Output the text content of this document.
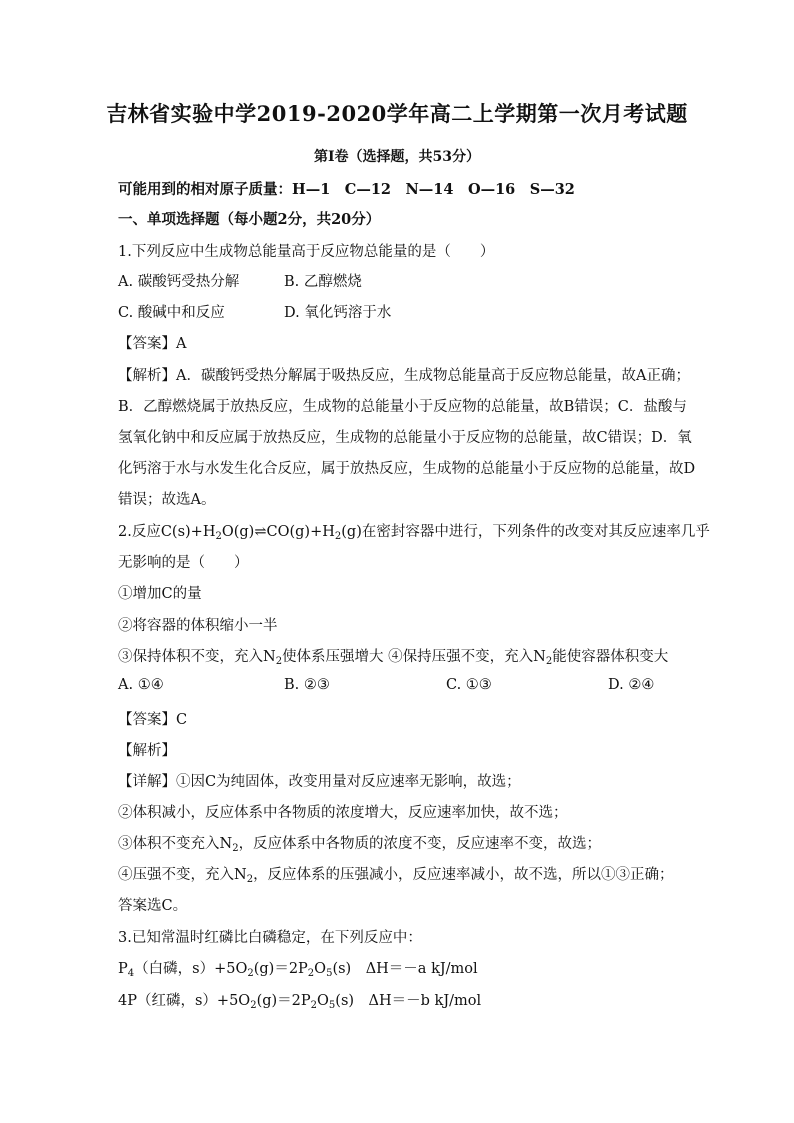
吉林省实验中学2019-2020学年高二上学期第一次月考试题
第I卷（选择题，共53分）
可能用到的相对原子质量：H—1　C—12　N—14　O—16　S—32
一、单项选择题（每小题2分，共20分）
1.下列反应中生成物总能量高于反应物总能量的是（　　）
A. 碳酸钙受热分解	B. 乙醇燃烧
C. 酸碱中和反应	D. 氧化钙溶于水
【答案】A
【解析】A．碳酸钙受热分解属于吸热反应，生成物总能量高于反应物总能量，故A正确；
B．乙醇燃烧属于放热反应，生成物的总能量小于反应物的总能量，故B错误；C．盐酸与
氢氧化钠中和反应属于放热反应，生成物的总能量小于反应物的总能量，故C错误；D．氧
化钙溶于水与水发生化合反应，属于放热反应，生成物的总能量小于反应物的总能量，故D
错误；故选A。
2.反应$C(s)+H_2O(g)\rightleftharpoons CO(g)+H_2(g)$在密封容器中进行，下列条件的改变对其反应速率几乎
无影响的是（　　）
①增加C的量
②将容器的体积缩小一半
③保持体积不变，充入$N_2$使体系压强增大 ④保持压强不变，充入$N_2$能使容器体积变大
A. ①④	B. ②③	C. ①③	D. ②④
【答案】C
【解析】
【详解】①因C为纯固体，改变用量对反应速率无影响，故选；
②体积减小，反应体系中各物质的浓度增大，反应速率加快，故不选；
③体积不变充入$N_2$，反应体系中各物质的浓度不变，反应速率不变，故选；
④压强不变，充入$N_2$，反应体系的压强减小，反应速率减小，故不选，所以①③正确；
答案选C。
3.已知常温时红磷比白磷稳定，在下列反应中：
$P_4$（白磷，$s)+5O_2(g)=2P_2O_5(s)$　ΔH＝－a kJ/mol
4P（红磷，$s)+5O_2(g)=2P_2O_5(s)$　ΔH＝－b kJ/mol
